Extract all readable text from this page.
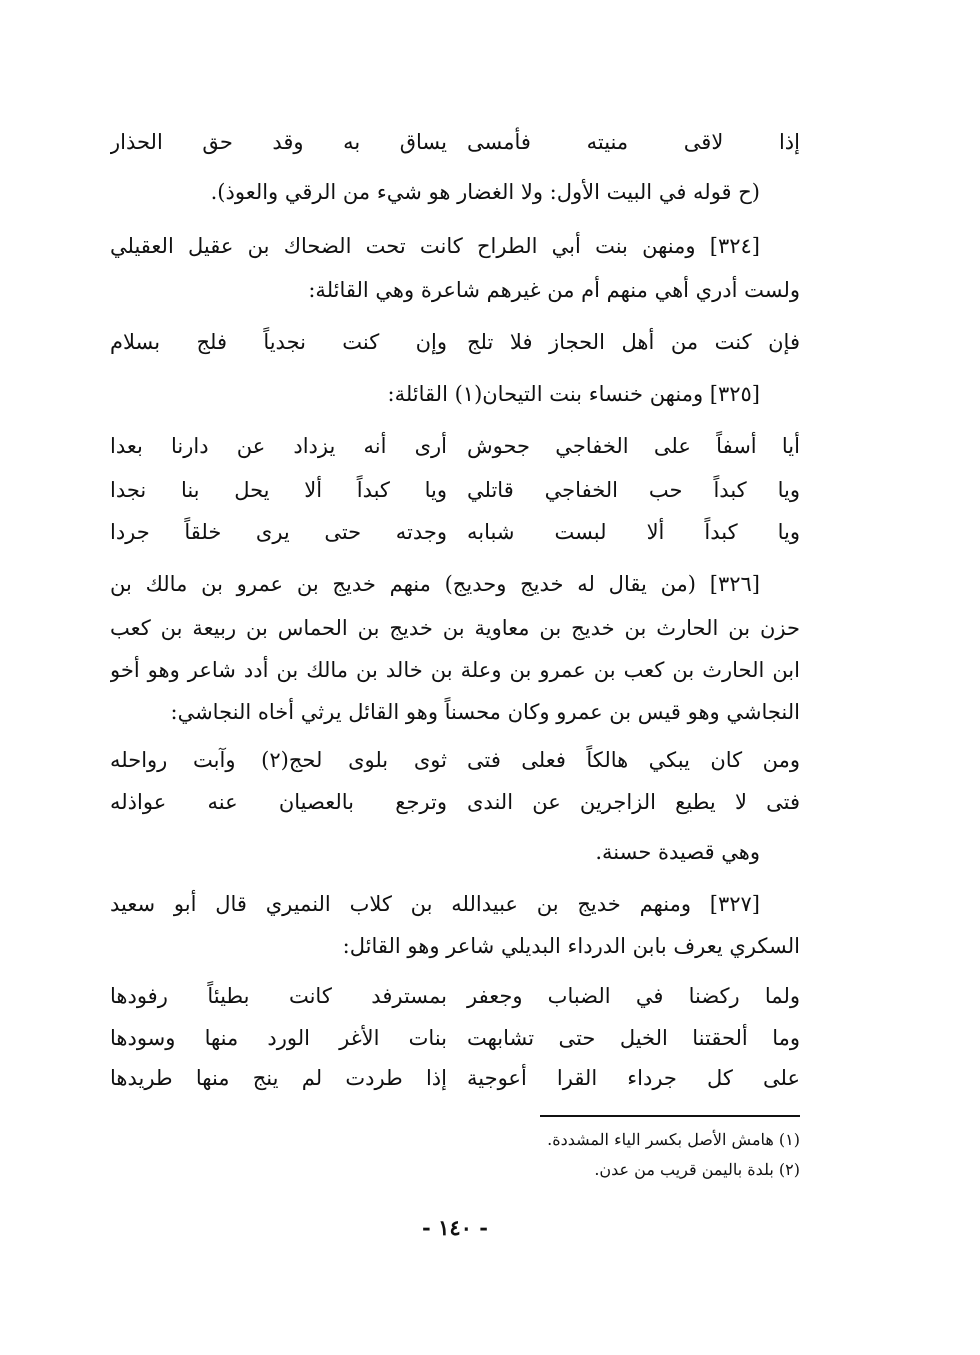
إذا لاقى منيته فأمسى
يساق به وقد حق الحذار
(ح قوله في البيت الأول: ولا الغضار هو شيء من الرقي والعوذ).
[٣٢٤] ومنهن بنت أبي الطراح كانت تحت الضحاك بن عقيل العقيلي
ولست أدري أهي منهم أم من غيرهم شاعرة وهي القائلة:
فإن كنت من أهل الحجاز فلا تلج
وإن كنت نجدياً فلج بسلام
[٣٢٥] ومنهن خنساء بنت التيحان(١) القائلة:
أيا أسفاً على الخفاجي جحوش
أرى أنه يزداد عن دارنا بعدا
ويا كبداً حب الخفاجي قاتلي
ويا كبداً ألا يحل بنا نجدا
ويا كبداً ألا لبست شبابه
وجدته حتى يرى خلقاً جردا
[٣٢٦] (من يقال له خديج وحديج) منهم خديج بن عمرو بن مالك بن
حزن بن الحارث بن خديج بن معاوية بن خديج بن الحماس بن ربيعة بن كعب
ابن الحارث بن كعب بن عمرو بن وعلة بن خالد بن مالك بن أدد شاعر وهو أخو
النجاشي وهو قيس بن عمرو وكان محسناً وهو القائل يرثي أخاه النجاشي:
ومن كان يبكي هالكاً فعلى فتى
ثوى بلوى لحج(٢) وآبت رواحله
فتى لا يطيع الزاجرين عن الندى
وترجع بالعصيان عنه عواذله
وهي قصيدة حسنة.
[٣٢٧] ومنهم خديج بن عبيدالله بن كلاب النميري قال أبو سعيد
السكري يعرف بابن الدرداء البديلي شاعر وهو القائل:
ولما ركضنا في الضباب وجعفر
بمسترفد كانت بطيئاً رفودها
وما ألحقتنا الخيل حتى تشابهت
بنات الأغر الورد منها وسودها
على كل جرداء القرا أعوجية
إذا طردت لم ينج منها طريدها
(١) هامش الأصل بكسر الياء المشددة.
(٢) بلدة باليمن قريب من عدن.
- ١٤٠ -
